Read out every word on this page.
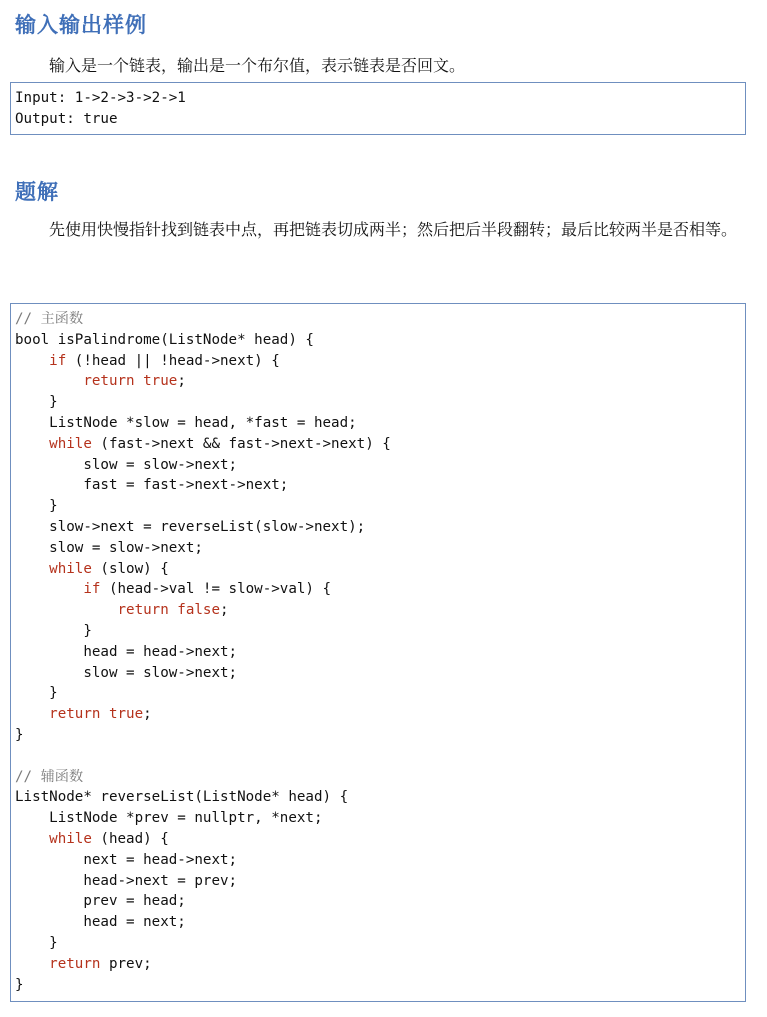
输入输出样例

输入是一个链表，输出是一个布尔值，表示链表是否回文。

Input: 1->2->3->2->1
Output: true
题解

先使用快慢指针找到链表中点，再把链表切成两半；然后把后半段翻转；最后比较两半是否相等。

// 主函数
bool isPalindrome(ListNode* head) {
if (!head || !head->next) {
return true;
}
ListNode *slow = head, *fast = head;
while (fast->next && fast->next->next) {
slow = slow->next;
fast = fast->next->next;
}
slow->next = reverseList(slow->next);
slow = slow->next;
while (slow) {
if (head->val != slow->val) {
return false;
}
head = head->next;
slow = slow->next;
}
return true;
}
// 辅函数
ListNode* reverseList(ListNode* head) {
ListNode *prev = nullptr, *next;
while (head) {
next = head->next;
head->next = prev;
prev = head;
head = next;
}
return prev;
}
